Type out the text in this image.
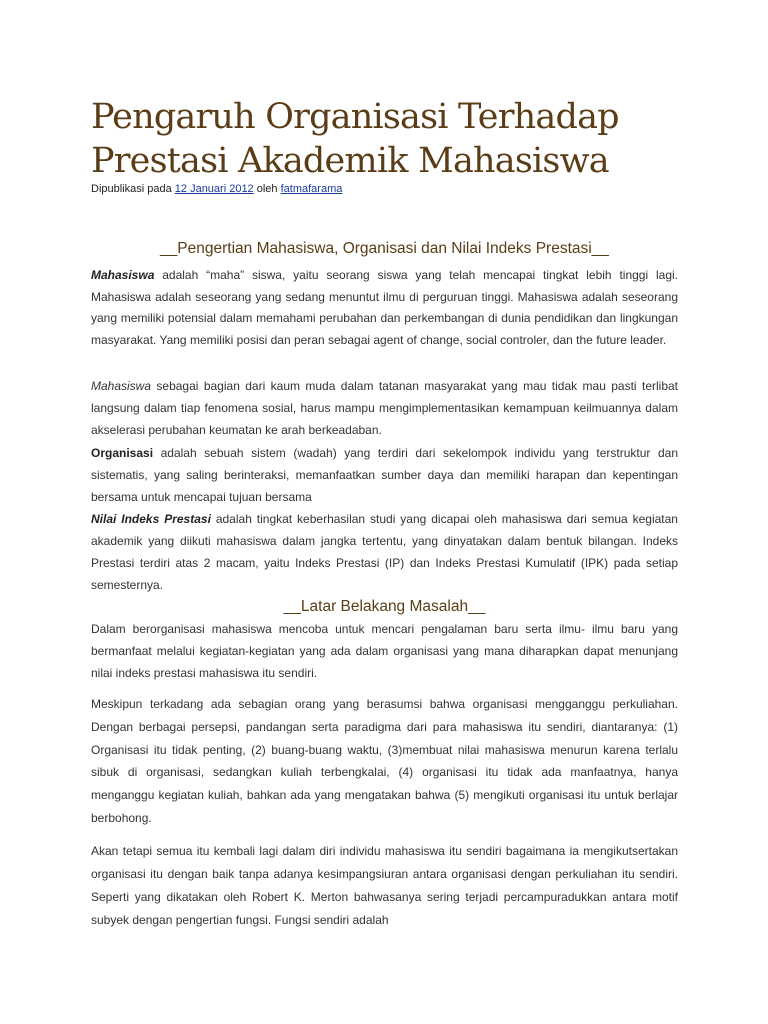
Pengaruh Organisasi Terhadap Prestasi Akademik Mahasiswa
Dipublikasi pada 12 Januari 2012 oleh fatmafarama
__Pengertian Mahasiswa, Organisasi dan Nilai Indeks Prestasi__

Mahasiswa adalah “maha” siswa, yaitu seorang siswa yang telah mencapai tingkat lebih tinggi lagi. Mahasiswa adalah seseorang yang sedang menuntut ilmu di perguruan tinggi. Mahasiswa adalah seseorang yang memiliki potensial dalam memahami perubahan dan perkembangan di dunia pendidikan dan lingkungan masyarakat. Yang memiliki posisi dan peran sebagai agent of change, social controler, dan the future leader.

Mahasiswa sebagai bagian dari kaum muda dalam tatanan masyarakat yang mau tidak mau pasti terlibat langsung dalam tiap fenomena sosial, harus mampu mengimplementasikan kemampuan keilmuannya dalam akselerasi perubahan keumatan ke arah berkeadaban.

Organisasi adalah sebuah sistem (wadah) yang terdiri dari sekelompok individu yang terstruktur dan sistematis, yang saling berinteraksi, memanfaatkan sumber daya dan memiliki harapan dan kepentingan bersama untuk mencapai tujuan bersama

Nilai Indeks Prestasi adalah tingkat keberhasilan studi yang dicapai oleh mahasiswa dari semua kegiatan akademik yang diikuti mahasiswa dalam jangka tertentu, yang dinyatakan dalam bentuk bilangan. Indeks Prestasi terdiri atas 2 macam, yaitu Indeks Prestasi (IP) dan Indeks Prestasi Kumulatif (IPK) pada setiap semesternya.

__Latar Belakang Masalah__

Dalam berorganisasi mahasiswa mencoba untuk mencari pengalaman baru serta ilmu- ilmu baru yang bermanfaat melalui kegiatan-kegiatan yang ada dalam organisasi yang mana diharapkan dapat menunjang nilai indeks prestasi mahasiswa itu sendiri.

Meskipun terkadang ada sebagian orang yang berasumsi bahwa organisasi mengganggu perkuliahan. Dengan berbagai persepsi, pandangan serta paradigma dari para mahasiswa itu sendiri, diantaranya: (1) Organisasi itu tidak penting, (2) buang-buang waktu, (3)membuat nilai mahasiswa menurun karena terlalu sibuk di organisasi, sedangkan kuliah terbengkalai, (4) organisasi itu tidak ada manfaatnya, hanya menganggu kegiatan kuliah, bahkan ada yang mengatakan bahwa (5) mengikuti organisasi itu untuk berlajar berbohong.

Akan tetapi semua itu kembali lagi dalam diri individu mahasiswa itu sendiri bagaimana ia mengikutsertakan organisasi itu dengan baik tanpa adanya kesimpangsiuran antara organisasi dengan perkuliahan itu sendiri. Seperti yang dikatakan oleh Robert K. Merton bahwasanya sering terjadi percampuradukkan antara motif subyek dengan pengertian fungsi. Fungsi sendiri adalah
